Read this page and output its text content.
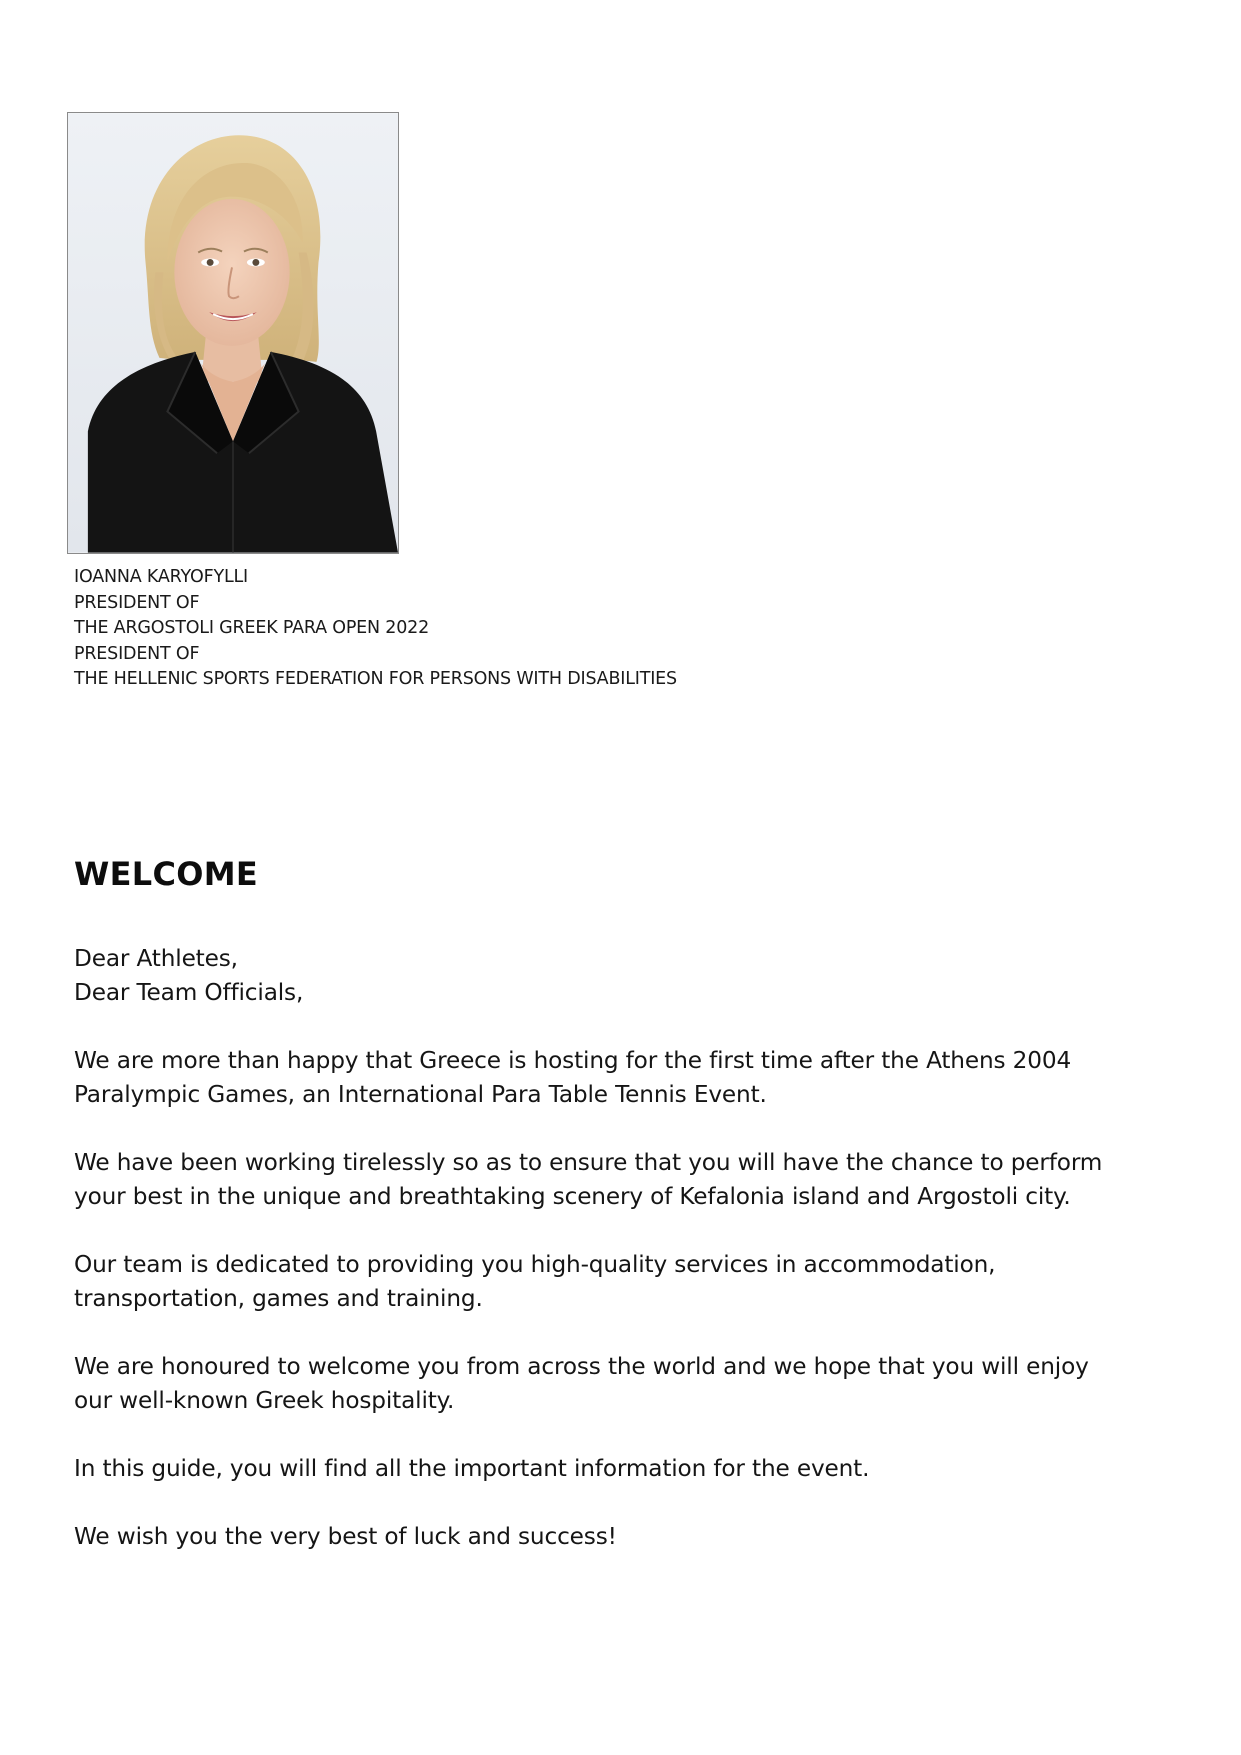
IOANNA KARYOFYLLI
PRESIDENT OF
THE ARGOSTOLI GREEK PARA OPEN 2022
PRESIDENT OF
THE HELLENIC SPORTS FEDERATION FOR PERSONS WITH DISABILITIES
WELCOME

Dear Athletes,
Dear Team Officials,

We are more than happy that Greece is hosting for the first time after the Athens 2004
Paralympic Games, an International Para Table Tennis Event.

We have been working tirelessly so as to ensure that you will have the chance to perform
your best in the unique and breathtaking scenery of Kefalonia island and Argostoli city.

Our team is dedicated to providing you high-quality services in accommodation,
transportation, games and training.

We are honoured to welcome you from across the world and we hope that you will enjoy
our well-known Greek hospitality.

In this guide, you will find all the important information for the event.

We wish you the very best of luck and success!
